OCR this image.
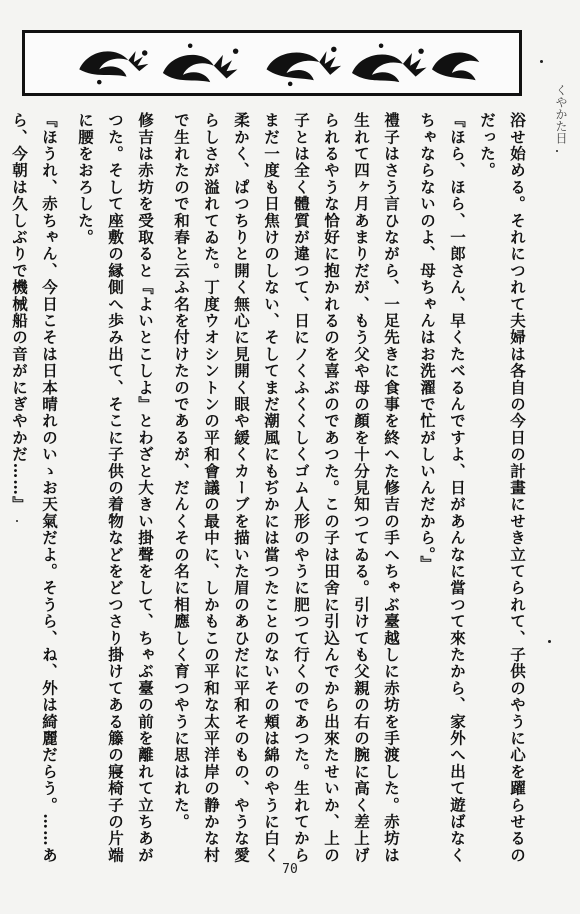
くやかた日

浴せ始める。それにつれて夫婦は各自の今日の計畫にせき立てられて、子供のやうに心を躍らせるのだった。

『ほら、ほら、一郎さん、早くたべるんですよ、日があんなに當つて來たから、家外へ出て遊ばなくちゃならないのよ、母ちゃんはお洗濯で忙がしいんだから。』

禮子はさう言ひながら、一足先きに食事を終へた修吉の手へちゃぶ臺越しに赤坊を手渡した。赤坊は生れて四ヶ月あまりだが、もう父や母の顏を十分見知つてゐる。引けても父親の右の腕に高く差上げられるやうな恰好に抱かれるのを喜ぶのであつた。この子は田舍に引込んでから出來たせいか、上の子とは全く體質が違つて、日にノくふくくしくゴム人形のやうに肥つて行くのであつた。生れてからまだ一度も日焦けのしない、そしてまだ潮風にもぢかには當つたことのないその頬は綿のやうに白く柔かく、ぱつちりと開く無心に見開く眼や緩くカーブを描いた眉のあひだに平和そのもの、やうな愛らしさが溢れてゐた。丁度ウオシントンの平和會議の最中に、しかもこの平和な太平洋岸の静かな村で生れたので和春と云ふ名を付けたのであるが、だんくその名に相應しく育つやうに思はれた。

修吉は赤坊を受取ると『よいとこしよ』とわざと大きい掛聲をして、ちゃぶ臺の前を離れて立ちあがつた。そして座敷の縁側へ歩み出て、そこに子供の着物などをどつさり掛けてある籐の寢椅子の片端に腰をおろした。

『ほうれ、赤ちゃん、今日こそは日本晴れのいゝお天氣だよ。そうら、ね、外は綺麗だらう。……あら、今朝は久しぶりで機械船の音がにぎやかだ……』

70
